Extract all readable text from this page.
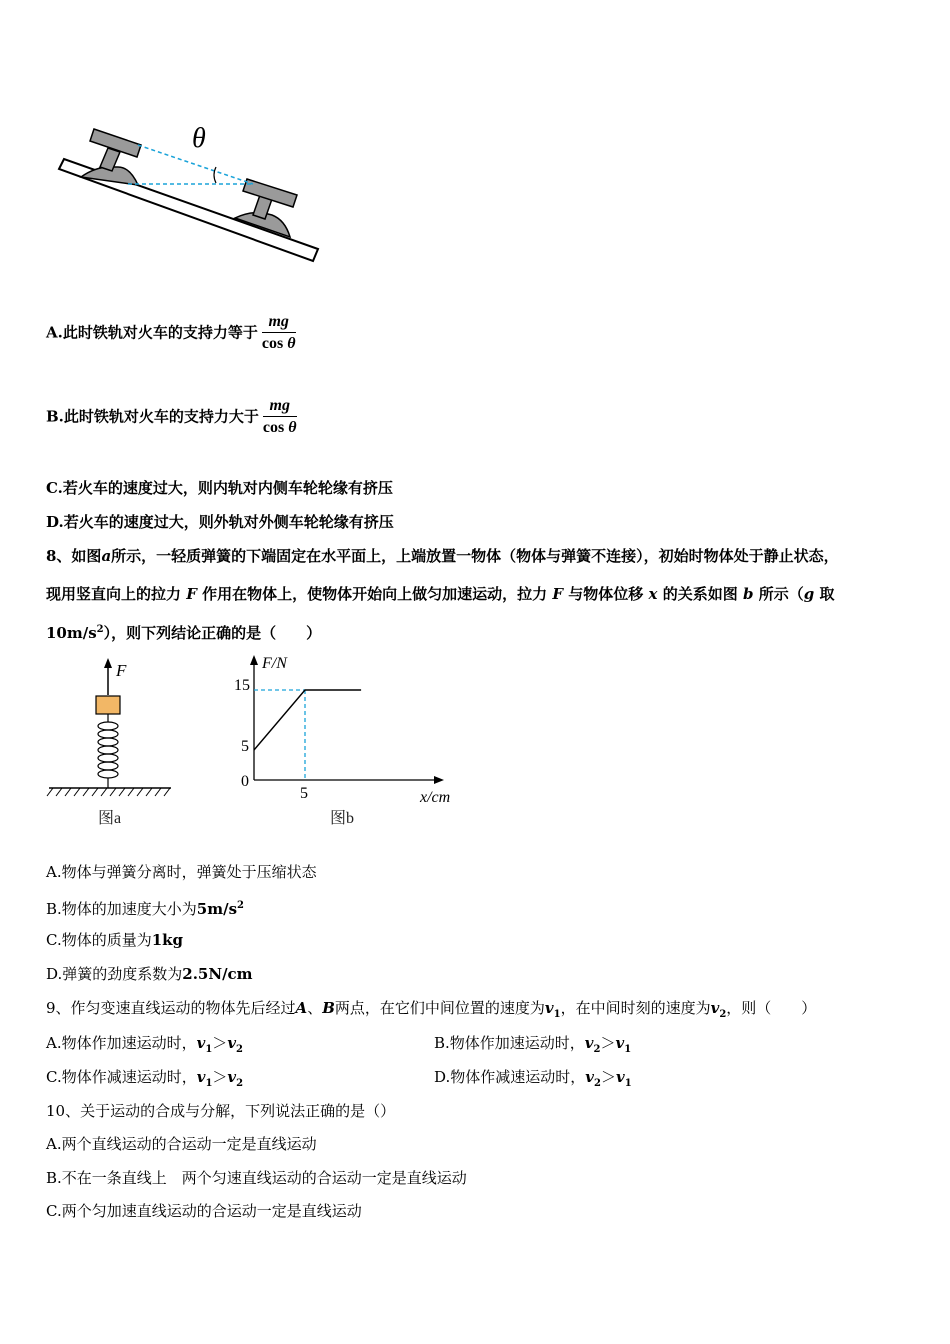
θ
A.此时铁轨对火车的支持力等于 $\frac{mg}{\text{cos θ}}$
B.此时铁轨对火车的支持力大于 $\frac{mg}{\text{cos θ}}$
C.若火车的速度过大，则内轨对内侧车轮轮缘有挤压
D.若火车的速度过大，则外轨对外侧车轮轮缘有挤压
8、如图a所示，一轻质弹簧的下端固定在水平面上，上端放置一物体（物体与弹簧不连接），初始时物体处于静止状态，
现用竖直向上的拉力 F 作用在物体上，使物体开始向上做匀加速运动，拉力 F 与物体位移 x 的关系如图 b 所示（g 取
$10m/s^2$），则下列结论正确的是（　　）
F
图a
F/N
x/cm
15
5
0
5
图b
A.物体与弹簧分离时，弹簧处于压缩状态
B.物体的加速度大小为$5m/s^2$
C.物体的质量为1kg
D.弹簧的劲度系数为2.5N/cm
9、作匀变速直线运动的物体先后经过A、B两点，在它们中间位置的速度为$v_1$，在中间时刻的速度为$v_2$，则（　　）
A.物体作加速运动时，$v_1>v_2$	B.物体作加速运动时，$v_2>v_1$
C.物体作减速运动时，$v_1>v_2$	D.物体作减速运动时，$v_2>v_1$
10、关于运动的合成与分解，下列说法正确的是（）
A.两个直线运动的合运动一定是直线运动
B.不在一条直线上　两个匀速直线运动的合运动一定是直线运动
C.两个匀加速直线运动的合运动一定是直线运动
